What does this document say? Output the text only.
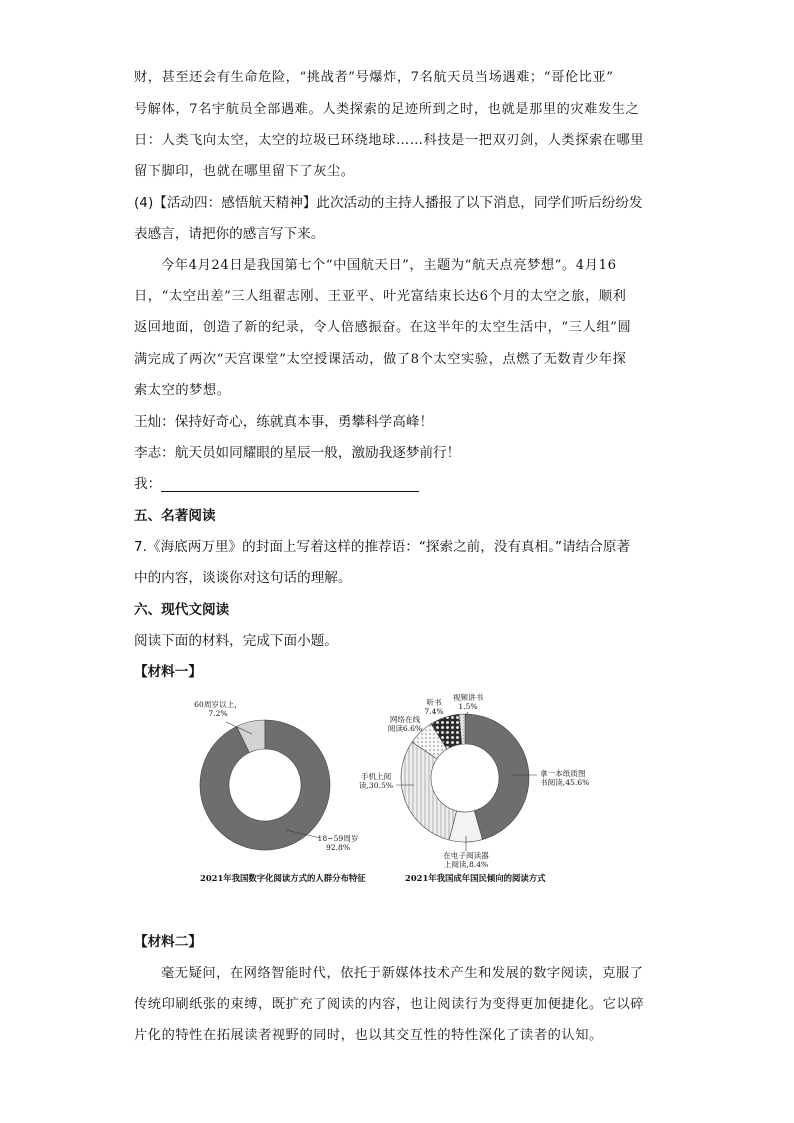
财，甚至还会有生命危险，“挑战者”号爆炸，7名航天员当场遇难；“哥伦比亚”
号解体，7名宇航员全部遇难。人类探索的足迹所到之时，也就是那里的灾难发生之
日：人类飞向太空，太空的垃圾已环绕地球……科技是一把双刃剑，人类探索在哪里
留下脚印，也就在哪里留下了灰尘。
(4)【活动四：感悟航天精神】此次活动的主持人播报了以下消息，同学们听后纷纷发
表感言，请把你的感言写下来。
今年4月24日是我国第七个“中国航天日”，主题为“航天点亮梦想”。4月16
日，“太空出差”三人组翟志刚、王亚平、叶光富结束长达6个月的太空之旅，顺利
返回地面，创造了新的纪录，令人倍感振奋。在这半年的太空生活中，“三人组”圆
满完成了两次“天宫课堂”太空授课活动，做了8个太空实验，点燃了无数青少年探
索太空的梦想。
王灿：保持好奇心，练就真本事，勇攀科学高峰！
李志：航天员如同耀眼的星辰一般，激励我逐梦前行！
我：
五、名著阅读
7.《海底两万里》的封面上写着这样的推荐语：“探索之前，没有真相。”请结合原著
中的内容，谈谈你对这句话的理解。
六、现代文阅读
阅读下面的材料，完成下面小题。
【材料一】
60周岁以上， 7.2%
18~59周岁 92.8%
拿一本纸质图书阅读,45.6%
在电子阅读器上阅读,8.4%
手机上阅读,30.5%
网络在线阅读6.6%
听书 7.4%
视频讲书 1.5%
2021年我国数字化阅读方式的人群分布特征	2021年我国成年国民倾向的阅读方式
【材料二】
毫无疑问，在网络智能时代，依托于新媒体技术产生和发展的数字阅读，克服了
传统印刷纸张的束缚，既扩充了阅读的内容，也让阅读行为变得更加便捷化。它以碎
片化的特性在拓展读者视野的同时，也以其交互性的特性深化了读者的认知。
